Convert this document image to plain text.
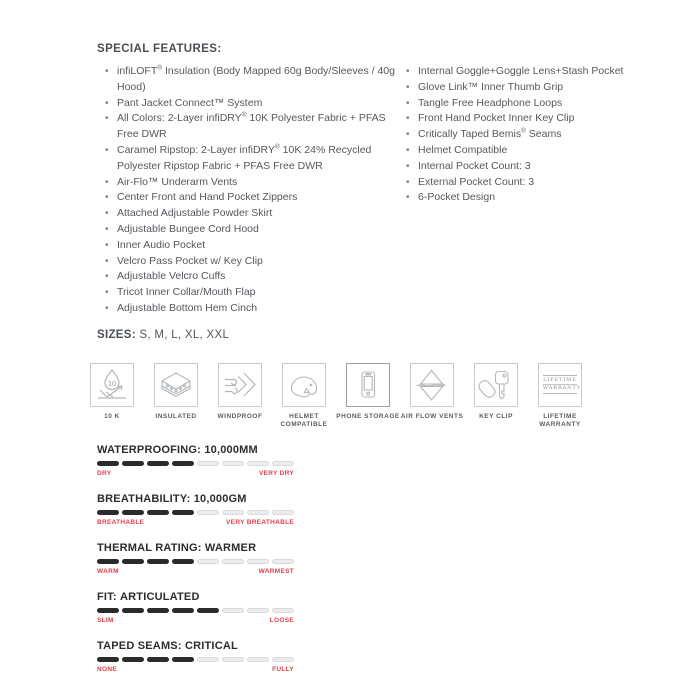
SPECIAL FEATURES:
• infiLOFT® Insulation (Body Mapped 60g Body/Sleeves / 40g Hood)
• Pant Jacket Connect™ System
• All Colors: 2-Layer infiDRY® 10K Polyester Fabric + PFAS Free DWR
• Caramel Ripstop: 2-Layer infiDRY® 10K 24% Recycled Polyester Ripstop Fabric + PFAS Free DWR
• Air-Flo™ Underarm Vents
• Center Front and Hand Pocket Zippers
• Attached Adjustable Powder Skirt
• Adjustable Bungee Cord Hood
• Inner Audio Pocket
• Velcro Pass Pocket w/ Key Clip
• Adjustable Velcro Cuffs
• Tricot Inner Collar/Mouth Flap
• Adjustable Bottom Hem Cinch
• Internal Goggle+Goggle Lens+Stash Pocket
• Glove Link™ Inner Thumb Grip
• Tangle Free Headphone Loops
• Front Hand Pocket Inner Key Clip
• Critically Taped Bemis® Seams
• Helmet Compatible
• Internal Pocket Count: 3
• External Pocket Count: 3
• 6-Pocket Design
SIZES: S, M, L, XL, XXL
10
10 K	INSULATED	WINDPROOF	HELMET COMPATIBLE
PHONE STORAGE AIR FLOW VENTS	KEY CLIP
LIFETIME
WARRANTY
LIFETIME WARRANTY
WATERPROOFING: 10,000MM
DRY	VERY DRY
BREATHABILITY: 10,000GM
BREATHABLE	VERY BREATHABLE
THERMAL RATING: WARMER
WARM	WARMEST
FIT: ARTICULATED
SLIM	LOOSE
TAPED SEAMS: CRITICAL
NONE	FULLY
